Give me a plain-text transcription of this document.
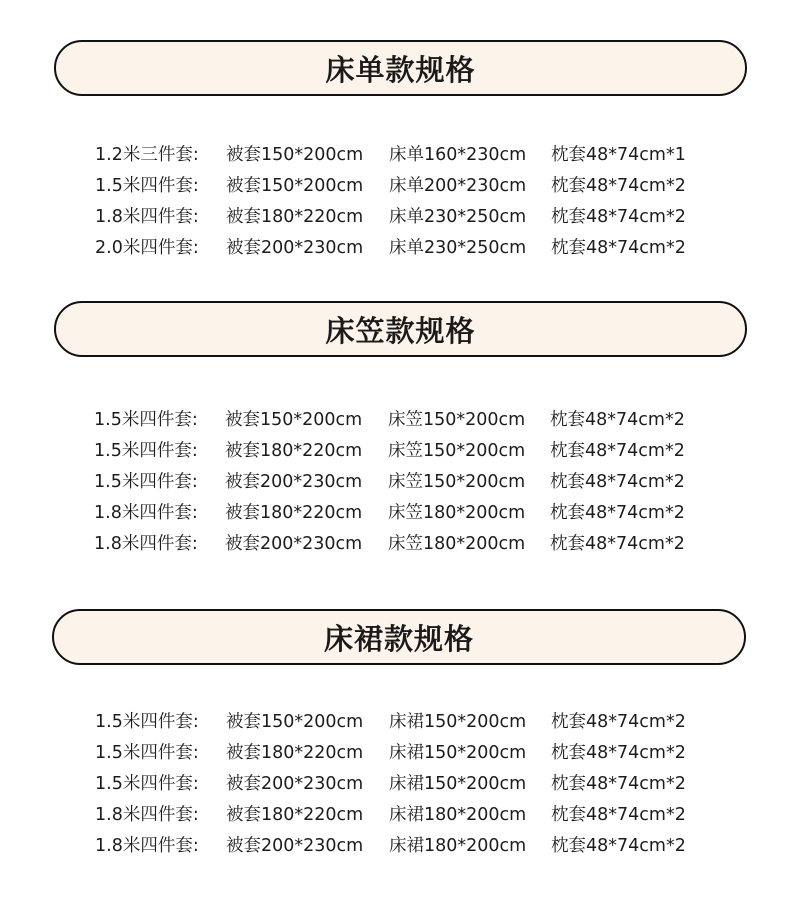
床单款规格
1.2米三件套: 被套150*200cm 床单160*230cm 枕套48*74cm*1
1.5米四件套: 被套150*200cm 床单200*230cm 枕套48*74cm*2
1.8米四件套: 被套180*220cm 床单230*250cm 枕套48*74cm*2
2.0米四件套: 被套200*230cm 床单230*250cm 枕套48*74cm*2
床笠款规格
1.5米四件套: 被套150*200cm 床笠150*200cm 枕套48*74cm*2
1.5米四件套: 被套180*220cm 床笠150*200cm 枕套48*74cm*2
1.5米四件套: 被套200*230cm 床笠150*200cm 枕套48*74cm*2
1.8米四件套: 被套180*220cm 床笠180*200cm 枕套48*74cm*2
1.8米四件套: 被套200*230cm 床笠180*200cm 枕套48*74cm*2
床裙款规格
1.5米四件套: 被套150*200cm 床裙150*200cm 枕套48*74cm*2
1.5米四件套: 被套180*220cm 床裙150*200cm 枕套48*74cm*2
1.5米四件套: 被套200*230cm 床裙150*200cm 枕套48*74cm*2
1.8米四件套: 被套180*220cm 床裙180*200cm 枕套48*74cm*2
1.8米四件套: 被套200*230cm 床裙180*200cm 枕套48*74cm*2
